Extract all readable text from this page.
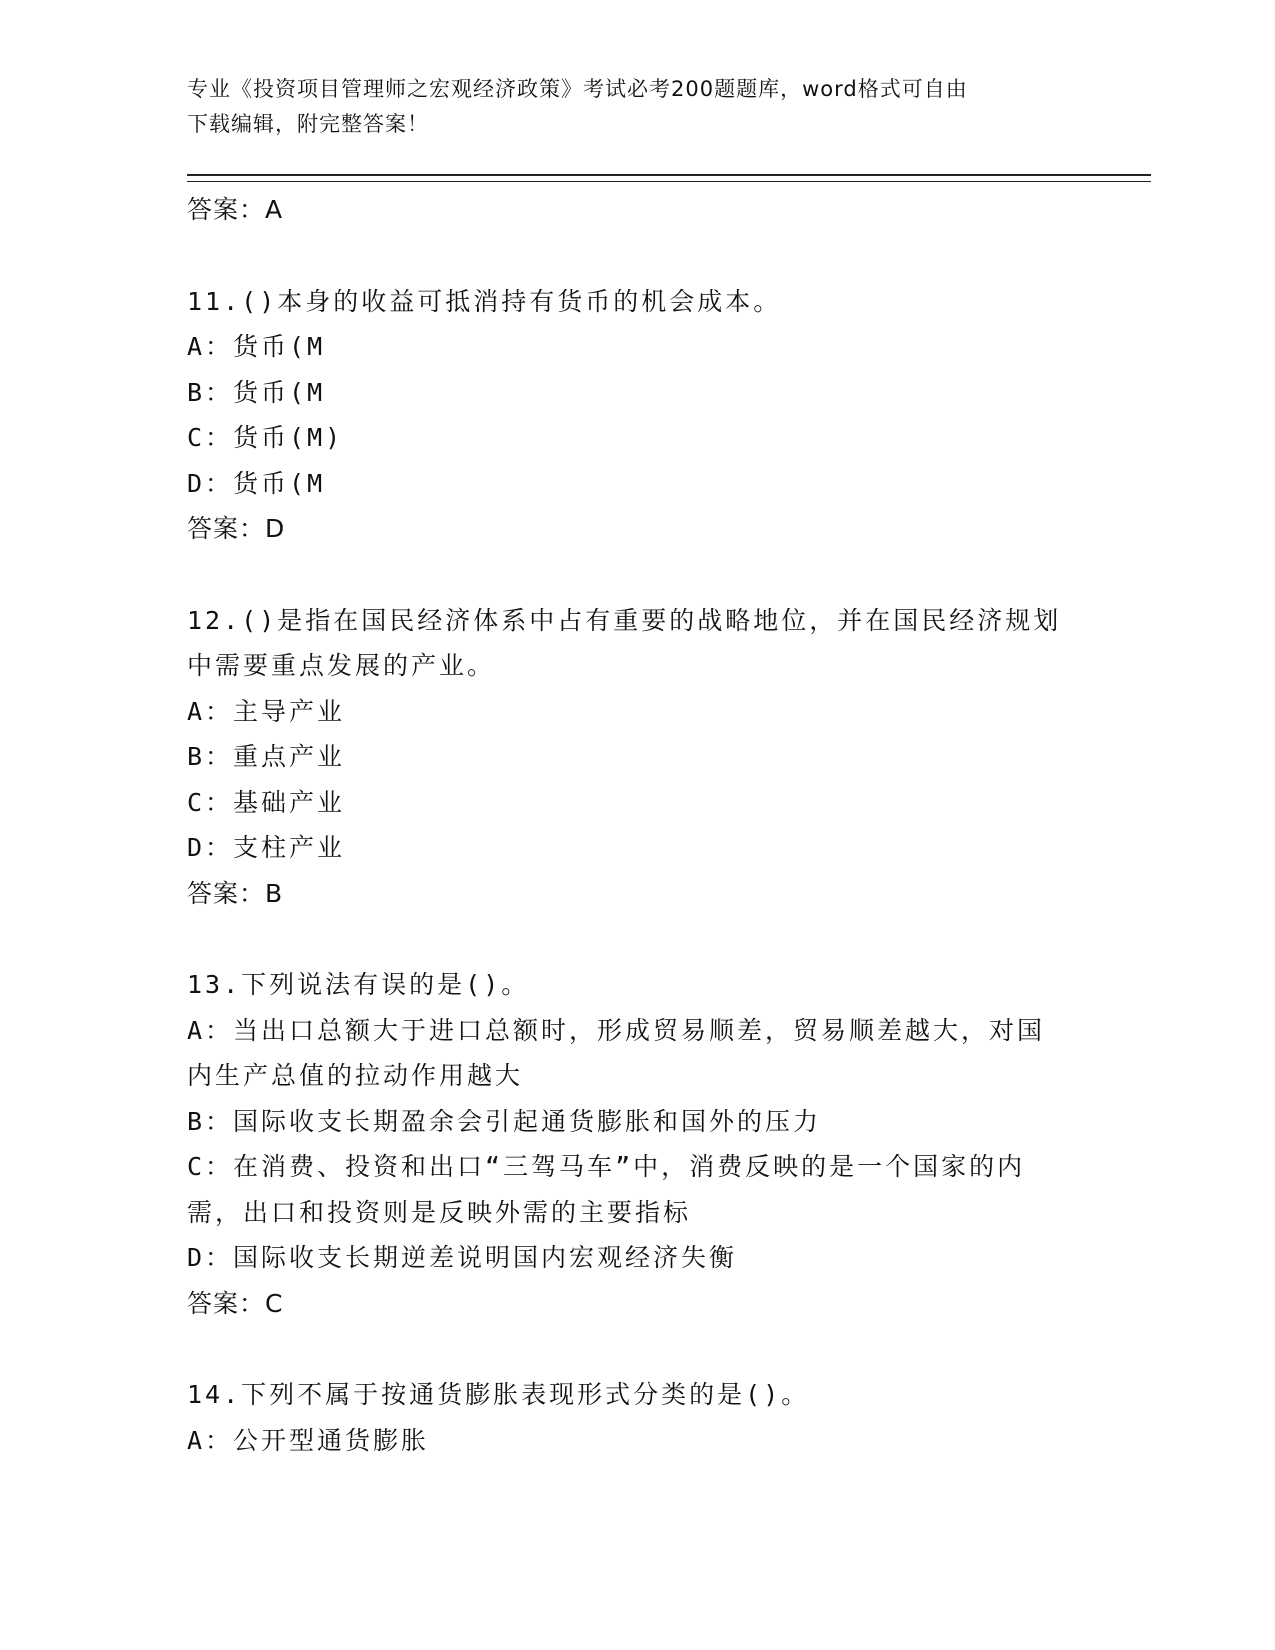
专业《投资项目管理师之宏观经济政策》考试必考200题题库，word格式可自由
下载编辑，附完整答案！
答案：A
11.()本身的收益可抵消持有货币的机会成本。
A：货币(M
B：货币(M
C：货币(M)
D：货币(M
答案：D
12.()是指在国民经济体系中占有重要的战略地位，并在国民经济规划
中需要重点发展的产业。
A：主导产业
B：重点产业
C：基础产业
D：支柱产业
答案：B
13.下列说法有误的是()。
A：当出口总额大于进口总额时，形成贸易顺差，贸易顺差越大，对国
内生产总值的拉动作用越大
B：国际收支长期盈余会引起通货膨胀和国外的压力
C：在消费、投资和出口“三驾马车”中，消费反映的是一个国家的内
需，出口和投资则是反映外需的主要指标
D：国际收支长期逆差说明国内宏观经济失衡
答案：C
14.下列不属于按通货膨胀表现形式分类的是()。
A：公开型通货膨胀
